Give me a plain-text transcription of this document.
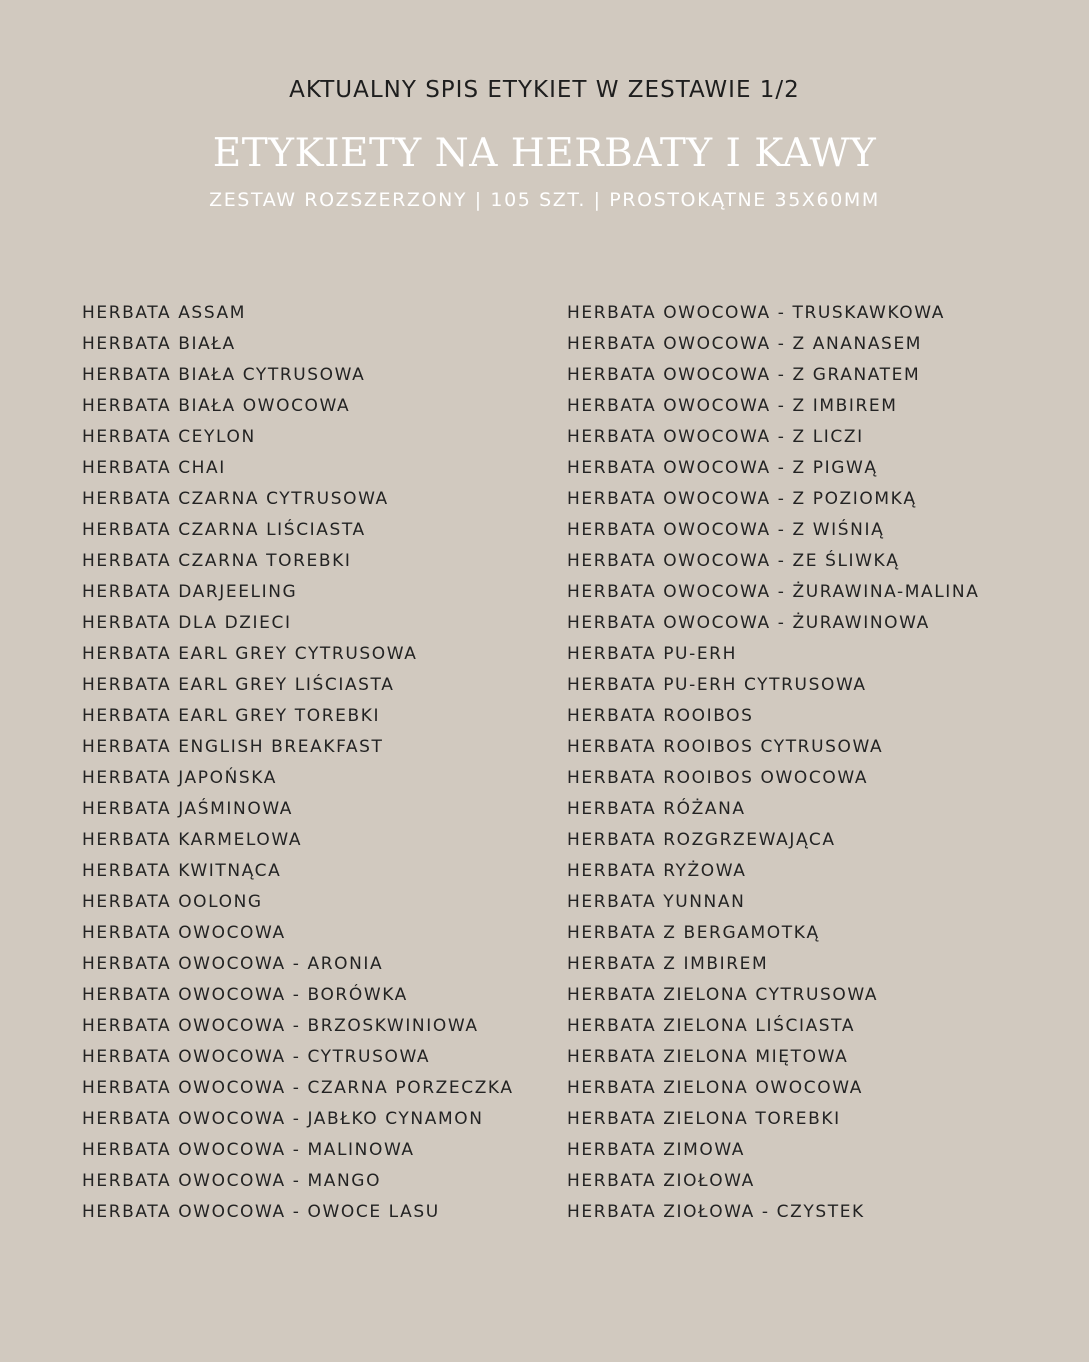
AKTUALNY SPIS ETYKIET W ZESTAWIE 1/2
ETYKIETY NA HERBATY I KAWY
ZESTAW ROZSZERZONY | 105 SZT. | PROSTOKĄTNE 35X60MM
HERBATA ASSAM
HERBATA BIAŁA
HERBATA BIAŁA CYTRUSOWA
HERBATA BIAŁA OWOCOWA
HERBATA CEYLON
HERBATA CHAI
HERBATA CZARNA CYTRUSOWA
HERBATA CZARNA LIŚCIASTA
HERBATA CZARNA TOREBKI
HERBATA DARJEELING
HERBATA DLA DZIECI
HERBATA EARL GREY CYTRUSOWA
HERBATA EARL GREY LIŚCIASTA
HERBATA EARL GREY TOREBKI
HERBATA ENGLISH BREAKFAST
HERBATA JAPOŃSKA
HERBATA JAŚMINOWA
HERBATA KARMELOWA
HERBATA KWITNĄCA
HERBATA OOLONG
HERBATA OWOCOWA
HERBATA OWOCOWA - ARONIA
HERBATA OWOCOWA - BORÓWKA
HERBATA OWOCOWA - BRZOSKWINIOWA
HERBATA OWOCOWA - CYTRUSOWA
HERBATA OWOCOWA - CZARNA PORZECZKA
HERBATA OWOCOWA - JABŁKO CYNAMON
HERBATA OWOCOWA - MALINOWA
HERBATA OWOCOWA - MANGO
HERBATA OWOCOWA - OWOCE LASU
HERBATA OWOCOWA - TRUSKAWKOWA
HERBATA OWOCOWA - Z ANANASEM
HERBATA OWOCOWA - Z GRANATEM
HERBATA OWOCOWA - Z IMBIREM
HERBATA OWOCOWA - Z LICZI
HERBATA OWOCOWA - Z PIGWĄ
HERBATA OWOCOWA - Z POZIOMKĄ
HERBATA OWOCOWA - Z WIŚNIĄ
HERBATA OWOCOWA - ZE ŚLIWKĄ
HERBATA OWOCOWA - ŻURAWINA-MALINA
HERBATA OWOCOWA - ŻURAWINOWA
HERBATA PU-ERH
HERBATA PU-ERH CYTRUSOWA
HERBATA ROOIBOS
HERBATA ROOIBOS CYTRUSOWA
HERBATA ROOIBOS OWOCOWA
HERBATA RÓŻANA
HERBATA ROZGRZEWAJĄCA
HERBATA RYŻOWA
HERBATA YUNNAN
HERBATA Z BERGAMOTKĄ
HERBATA Z IMBIREM
HERBATA ZIELONA CYTRUSOWA
HERBATA ZIELONA LIŚCIASTA
HERBATA ZIELONA MIĘTOWA
HERBATA ZIELONA OWOCOWA
HERBATA ZIELONA TOREBKI
HERBATA ZIMOWA
HERBATA ZIOŁOWA
HERBATA ZIOŁOWA - CZYSTEK
